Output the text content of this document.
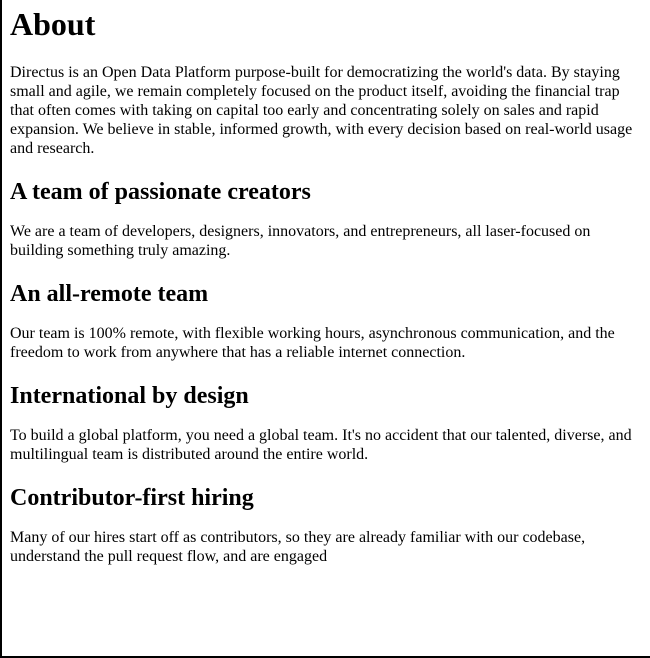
About

Directus is an Open Data Platform purpose-built for democratizing the world's data. By staying small and agile, we remain completely focused on the product itself, avoiding the financial trap that often comes with taking on capital too early and concentrating solely on sales and rapid expansion. We believe in stable, informed growth, with every decision based on real-world usage and research.

A team of passionate creators

We are a team of developers, designers, innovators, and entrepreneurs, all laser-focused on building something truly amazing.

An all-remote team

Our team is 100% remote, with flexible working hours, asynchronous communication, and the freedom to work from anywhere that has a reliable internet connection.

International by design

To build a global platform, you need a global team. It's no accident that our talented, diverse, and multilingual team is distributed around the entire world.

Contributor-first hiring

Many of our hires start off as contributors, so they are already familiar with our codebase, understand the pull request flow, and are engaged
